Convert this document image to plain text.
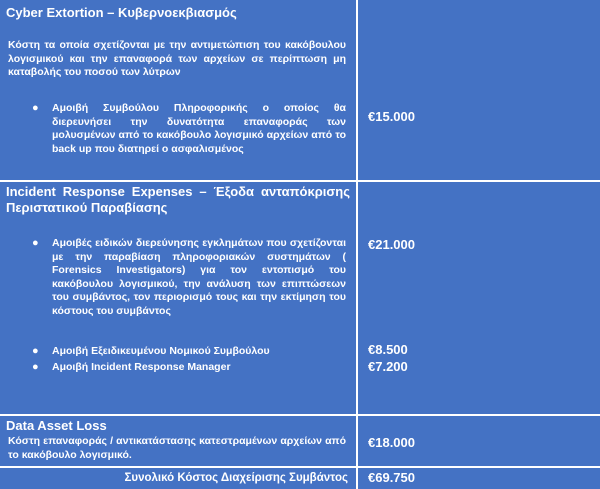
Cyber Extortion – Κυβερνοεκβιασμός
Κόστη τα οποία σχετίζονται με την αντιμετώπιση του κακόβουλου λογισμικού και την επαναφορά των αρχείων σε περίπτωση μη καταβολής του ποσού των λύτρων
● Αμοιβή Συμβούλου Πληροφορικής ο οποίος θα διερευνήσει την δυνατότητα επαναφοράς των μολυσμένων από το κακόβουλο λογισμικό αρχείων από το back up που διατηρεί ο ασφαλισμένος
€15.000
Incident Response Expenses – Έξοδα ανταπόκρισης Περιστατικού Παραβίασης
● Αμοιβές ειδικών διερεύνησης εγκλημάτων που σχετίζονται με την παραβίαση πληροφοριακών συστημάτων ( Forensics Investigators) για τον εντοπισμό του κακόβουλου λογισμικού, την ανάλυση των επιπτώσεων του συμβάντος, τον περιορισμό τους και την εκτίμηση του κόστους του συμβάντος
● Αμοιβή Εξειδικευμένου Νομικού Συμβούλου
● Αμοιβή Incident Response Manager
€21.000
€8.500
€7.200
Data Asset Loss
Κόστη επαναφοράς / αντικατάστασης κατεστραμένων αρχείων από το κακόβουλο λογισμικό.
€18.000
Συνολικό Κόστος Διαχείρισης Συμβάντος €69.750
